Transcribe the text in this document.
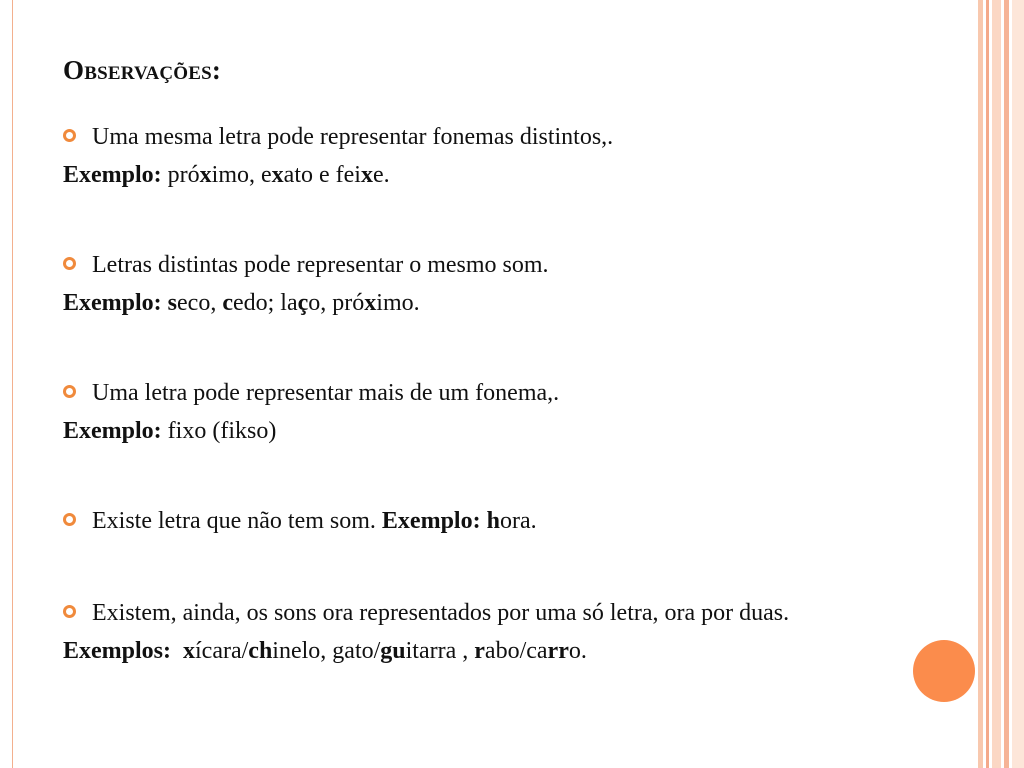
Observações:
Uma mesma letra pode representar fonemas distintos,.
Exemplo: próximo, exato e feixe.
Letras distintas pode representar o mesmo som.
Exemplo: seco, cedo; laço, próximo.
Uma letra pode representar mais de um fonema,.
Exemplo: fixo (fikso)
Existe letra que não tem som. Exemplo: hora.
Existem, ainda, os sons ora representados por uma só letra, ora por duas.
Exemplos: xícara/chinelo, gato/guitarra , rabo/carro.
